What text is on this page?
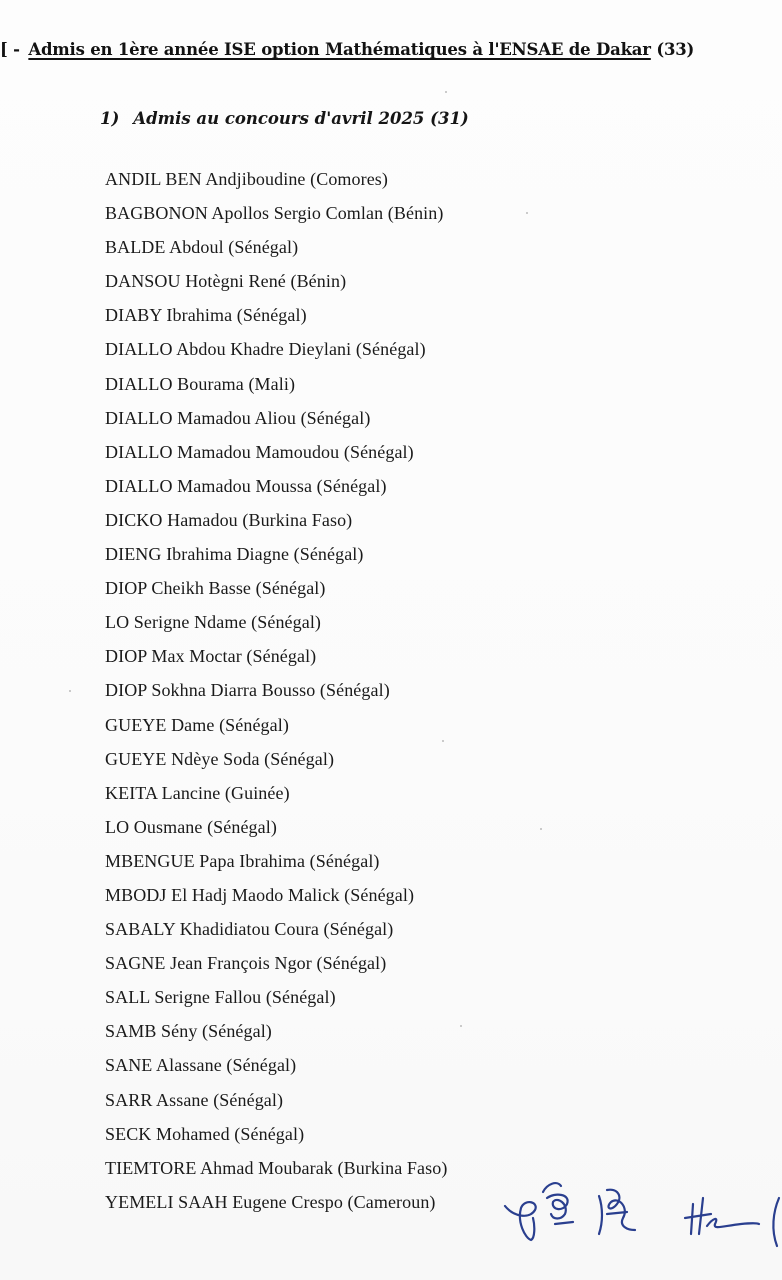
[ - Admis en 1ère année ISE option Mathématiques à l'ENSAE de Dakar (33)
1) Admis au concours d'avril 2025 (31)
ANDIL BEN Andjiboudine (Comores)
BAGBONON Apollos Sergio Comlan (Bénin)
BALDE Abdoul (Sénégal)
DANSOU Hotègni René (Bénin)
DIABY Ibrahima (Sénégal)
DIALLO Abdou Khadre Dieylani (Sénégal)
DIALLO Bourama (Mali)
DIALLO Mamadou Aliou (Sénégal)
DIALLO Mamadou Mamoudou (Sénégal)
DIALLO Mamadou Moussa (Sénégal)
DICKO Hamadou (Burkina Faso)
DIENG Ibrahima Diagne (Sénégal)
DIOP Cheikh Basse (Sénégal)
LO Serigne Ndame (Sénégal)
DIOP Max Moctar (Sénégal)
DIOP Sokhna Diarra Bousso (Sénégal)
GUEYE Dame (Sénégal)
GUEYE Ndèye Soda (Sénégal)
KEITA Lancine (Guinée)
LO Ousmane (Sénégal)
MBENGUE Papa Ibrahima (Sénégal)
MBODJ El Hadj Maodo Malick (Sénégal)
SABALY Khadidiatou Coura (Sénégal)
SAGNE Jean François Ngor (Sénégal)
SALL Serigne Fallou (Sénégal)
SAMB Sény (Sénégal)
SANE Alassane (Sénégal)
SARR Assane (Sénégal)
SECK Mohamed (Sénégal)
TIEMTORE Ahmad Moubarak (Burkina Faso)
YEMELI SAAH Eugene Crespo (Cameroun)
